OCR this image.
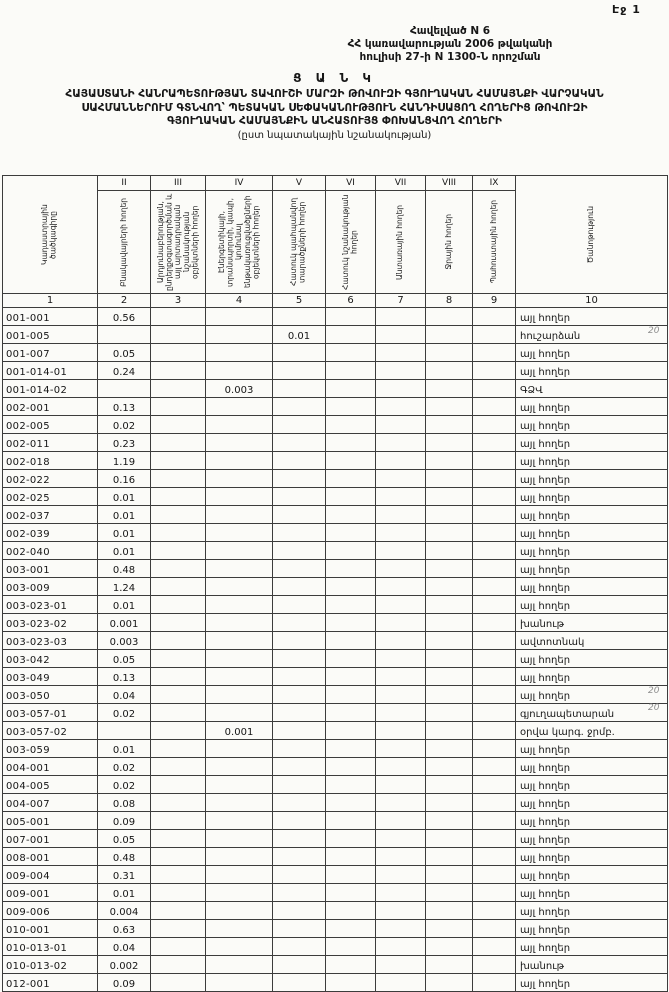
Էջ 1
Հավելված N 6
ՀՀ կառավարության 2006 թվականի
հուլիսի 27-ի N 1300-Ն որոշման
Ց Ա Ն Կ
ՀԱՅԱՍՏԱՆԻ ՀԱՆՐԱՊԵՏՈՒԹՅԱՆ ՏԱՎՈՒՇԻ ՄԱՐԶԻ ԹՈՎՈՒԶԻ ԳՅՈՒՂԱԿԱՆ ՀԱՄԱՅՆՔԻ ՎԱՐՉԱԿԱՆ
ՍԱՀՄԱՆՆԵՐՈՒՄ ԳՏՆՎՈՂ՝ ՊԵՏԱԿԱՆ ՍԵՓԱԿԱՆՈՒԹՅՈՒՆ ՀԱՆԴԻՍԱՑՈՂ ՀՈՂԵՐԻՑ ԹՈՎՈՒԶԻ
ԳՅՈՒՂԱԿԱՆ ՀԱՄԱՅՆՔԻՆ ԱՆՀԱՏՈՒՅՑ ՓՈԽԱՆՑՎՈՂ ՀՈՂԵՐԻ
(ըստ նպատակային նշանակության)
Կադաստրային ծածկագիրը	II	III	IV	V	VI	VII	VIII	IX	Ծանոթություն

	Բնակավայրերի հողեր	Արդյունաբերության, ընդերքօգտագործման և այլ արտադրական նշանակության օբյեկտների հողեր	Էներգետիկայի, տրանսպորտի, կապի, կոմունալ ենթակառուցվածքների օբյեկտների հողեր	Հատուկ պահպանվող տարածքների հողեր	Հատուկ նշանակության հողեր	Անտառային հողեր	Ջրային հողեր	Պահուստային հողեր	

1	2	3	4	5	6	7	8	9	10
001-001	0.56								այլ հողեր
001-005				0.01					հուշարձան
001-007	0.05								այլ հողեր
001-014-01	0.24								այլ հողեր
001-014-02			0.003						ԳՁՎ
002-001	0.13								այլ հողեր
002-005	0.02								այլ հողեր
002-011	0.23								այլ հողեր
002-018	1.19								այլ հողեր
002-022	0.16								այլ հողեր
002-025	0.01								այլ հողեր
002-037	0.01								այլ հողեր
002-039	0.01								այլ հողեր
002-040	0.01								այլ հողեր
003-001	0.48								այլ հողեր
003-009	1.24								այլ հողեր
003-023-01	0.01								այլ հողեր
003-023-02	0.001								խանութ
003-023-03	0.003								ավտոտնակ
003-042	0.05								այլ հողեր
003-049	0.13								այլ հողեր
003-050	0.04								այլ հողեր
003-057-01	0.02								գյուղապետարան
003-057-02			0.001						օրվա կարգ. ջրմբ.
003-059	0.01								այլ հողեր
004-001	0.02								այլ հողեր
004-005	0.02								այլ հողեր
004-007	0.08								այլ հողեր
005-001	0.09								այլ հողեր
007-001	0.05								այլ հողեր
008-001	0.48								այլ հողեր
009-004	0.31								այլ հողեր
009-001	0.01								այլ հողեր
009-006	0.004								այլ հողեր
010-001	0.63								այլ հողեր
010-013-01	0.04								այլ հողեր
010-013-02	0.002								խանութ
012-001	0.09								այլ հողեր
20
20
20
